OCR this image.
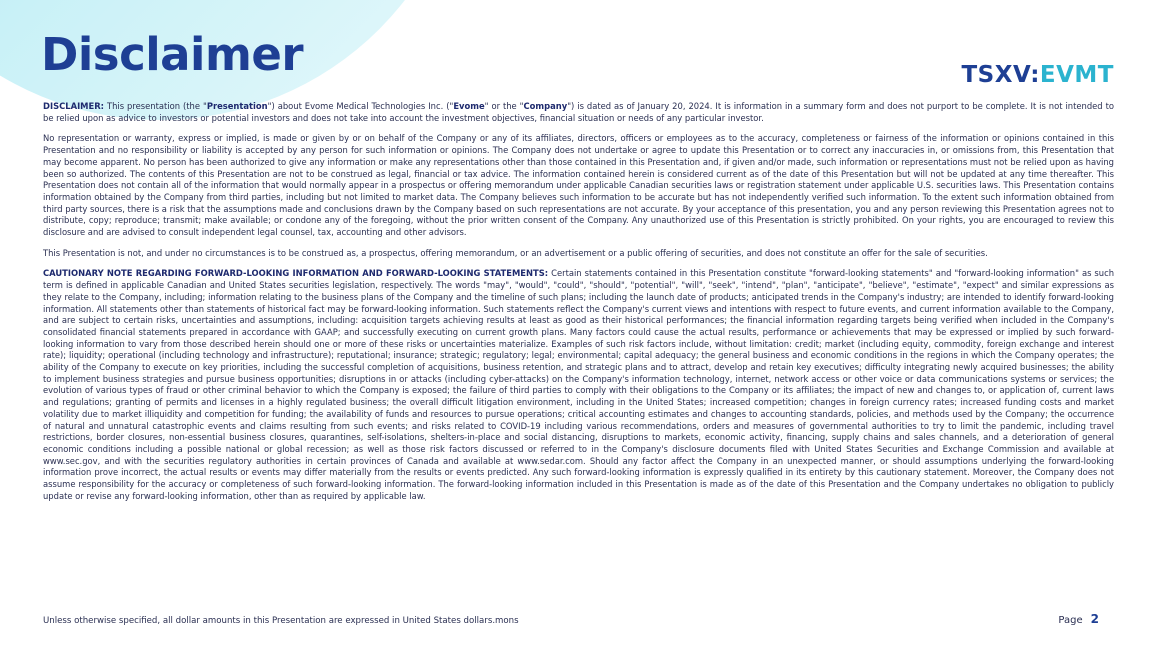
Disclaimer	TSXV:EVMT

DISCLAIMER: This presentation (the "Presentation") about Evome Medical Technologies Inc. ("Evome" or the "Company") is dated as of January 20, 2024. It is information in a summary form and does not purport to be complete. It is not intended to be relied upon as advice to investors or potential investors and does not take into account the investment objectives, financial situation or needs of any particular investor.

No representation or warranty, express or implied, is made or given by or on behalf of the Company or any of its affiliates, directors, officers or employees as to the accuracy, completeness or fairness of the information or opinions contained in this Presentation and no responsibility or liability is accepted by any person for such information or opinions. The Company does not undertake or agree to update this Presentation or to correct any inaccuracies in, or omissions from, this Presentation that may become apparent. No person has been authorized to give any information or make any representations other than those contained in this Presentation and, if given and/or made, such information or representations must not be relied upon as having been so authorized. The contents of this Presentation are not to be construed as legal, financial or tax advice. The information contained herein is considered current as of the date of this Presentation but will not be updated at any time thereafter. This Presentation does not contain all of the information that would normally appear in a prospectus or offering memorandum under applicable Canadian securities laws or registration statement under applicable U.S. securities laws. This Presentation contains information obtained by the Company from third parties, including but not limited to market data. The Company believes such information to be accurate but has not independently verified such information. To the extent such information obtained from third party sources, there is a risk that the assumptions made and conclusions drawn by the Company based on such representations are not accurate. By your acceptance of this presentation, you and any person reviewing this Presentation agrees not to distribute, copy; reproduce; transmit; make available; or condone any of the foregoing, without the prior written consent of the Company. Any unauthorized use of this Presentation is strictly prohibited. On your rights, you are encouraged to review this disclosure and are advised to consult independent legal counsel, tax, accounting and other advisors.

This Presentation is not, and under no circumstances is to be construed as, a prospectus, offering memorandum, or an advertisement or a public offering of securities, and does not constitute an offer for the sale of securities.

CAUTIONARY NOTE REGARDING FORWARD-LOOKING INFORMATION AND FORWARD-LOOKING STATEMENTS: Certain statements contained in this Presentation constitute "forward-looking statements" and "forward-looking information" as such term is defined in applicable Canadian and United States securities legislation, respectively. The words "may", "would", "could", "should", "potential", "will", "seek", "intend", "plan", "anticipate", "believe", "estimate", "expect" and similar expressions as they relate to the Company, including; information relating to the business plans of the Company and the timeline of such plans; including the launch date of products; anticipated trends in the Company's industry; are intended to identify forward-looking information. All statements other than statements of historical fact may be forward-looking information. Such statements reflect the Company's current views and intentions with respect to future events, and current information available to the Company, and are subject to certain risks, uncertainties and assumptions, including: acquisition targets achieving results at least as good as their historical performances; the financial information regarding targets being verified when included in the Company's consolidated financial statements prepared in accordance with GAAP; and successfully executing on current growth plans. Many factors could cause the actual results, performance or achievements that may be expressed or implied by such forward-looking information to vary from those described herein should one or more of these risks or uncertainties materialize. Examples of such risk factors include, without limitation: credit; market (including equity, commodity, foreign exchange and interest rate); liquidity; operational (including technology and infrastructure); reputational; insurance; strategic; regulatory; legal; environmental; capital adequacy; the general business and economic conditions in the regions in which the Company operates; the ability of the Company to execute on key priorities, including the successful completion of acquisitions, business retention, and strategic plans and to attract, develop and retain key executives; difficulty integrating newly acquired businesses; the ability to implement business strategies and pursue business opportunities; disruptions in or attacks (including cyber-attacks) on the Company's information technology, internet, network access or other voice or data communications systems or services; the evolution of various types of fraud or other criminal behavior to which the Company is exposed; the failure of third parties to comply with their obligations to the Company or its affiliates; the impact of new and changes to, or application of, current laws and regulations; granting of permits and licenses in a highly regulated business; the overall difficult litigation environment, including in the United States; increased competition; changes in foreign currency rates; increased funding costs and market volatility due to market illiquidity and competition for funding; the availability of funds and resources to pursue operations; critical accounting estimates and changes to accounting standards, policies, and methods used by the Company; the occurrence of natural and unnatural catastrophic events and claims resulting from such events; and risks related to COVID-19 including various recommendations, orders and measures of governmental authorities to try to limit the pandemic, including travel restrictions, border closures, non-essential business closures, quarantines, self-isolations, shelters-in-place and social distancing, disruptions to markets, economic activity, financing, supply chains and sales channels, and a deterioration of general economic conditions including a possible national or global recession; as well as those risk factors discussed or referred to in the Company's disclosure documents filed with United States Securities and Exchange Commission and available at www.sec.gov, and with the securities regulatory authorities in certain provinces of Canada and available at www.sedar.com. Should any factor affect the Company in an unexpected manner, or should assumptions underlying the forward-looking information prove incorrect, the actual results or events may differ materially from the results or events predicted. Any such forward-looking information is expressly qualified in its entirety by this cautionary statement. Moreover, the Company does not assume responsibility for the accuracy or completeness of such forward-looking information. The forward-looking information included in this Presentation is made as of the date of this Presentation and the Company undertakes no obligation to publicly update or revise any forward-looking information, other than as required by applicable law.

Unless otherwise specified, all dollar amounts in this Presentation are expressed in United States dollars.mons	Page 2
